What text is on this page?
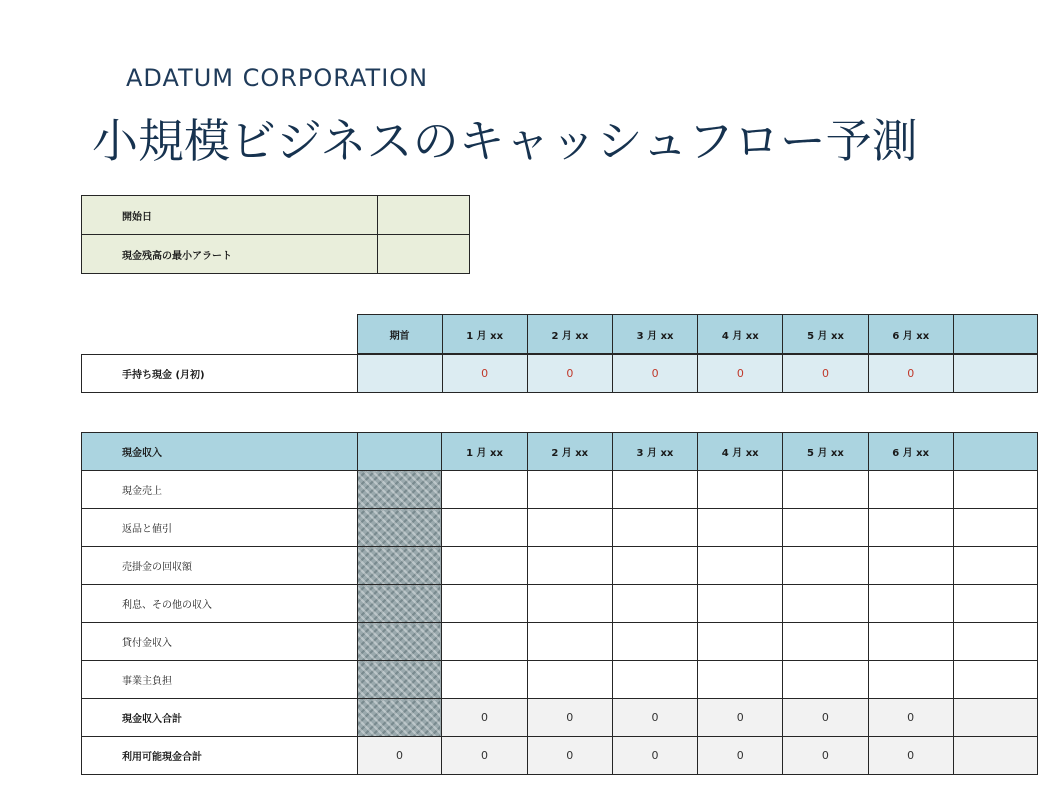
ADATUM CORPORATION
小規模ビジネスのキャッシュフロー予測
開始日	
現金残高の最小アラート	
	期首	1 月 xx	2 月 xx	3 月 xx	4 月 xx	5 月 xx	6 月 xx	

手持ち現金 (月初)		0	0	0	0	0	0	
現金収入		1 月 xx	2 月 xx	3 月 xx	4 月 xx	5 月 xx	6 月 xx	
現金売上								
返品と値引								
売掛金の回収額								
利息、その他の収入								
貸付金収入								
事業主負担								
現金収入合計		0	0	0	0	0	0	
利用可能現金合計	0	0	0	0	0	0	0	
